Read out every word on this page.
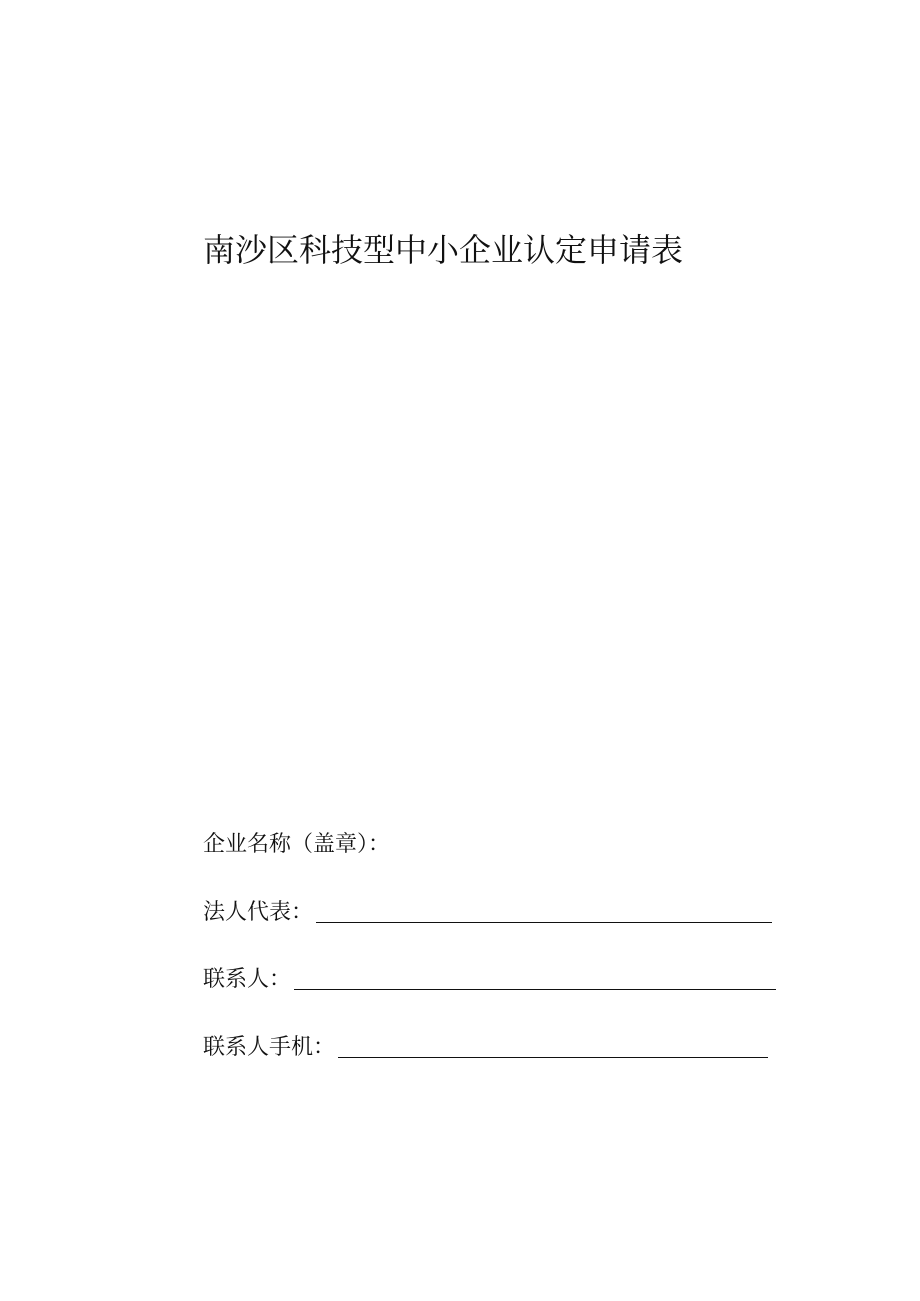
南沙区科技型中小企业认定申请表
企业名称（盖章）：
法人代表：
联系人：
联系人手机：
